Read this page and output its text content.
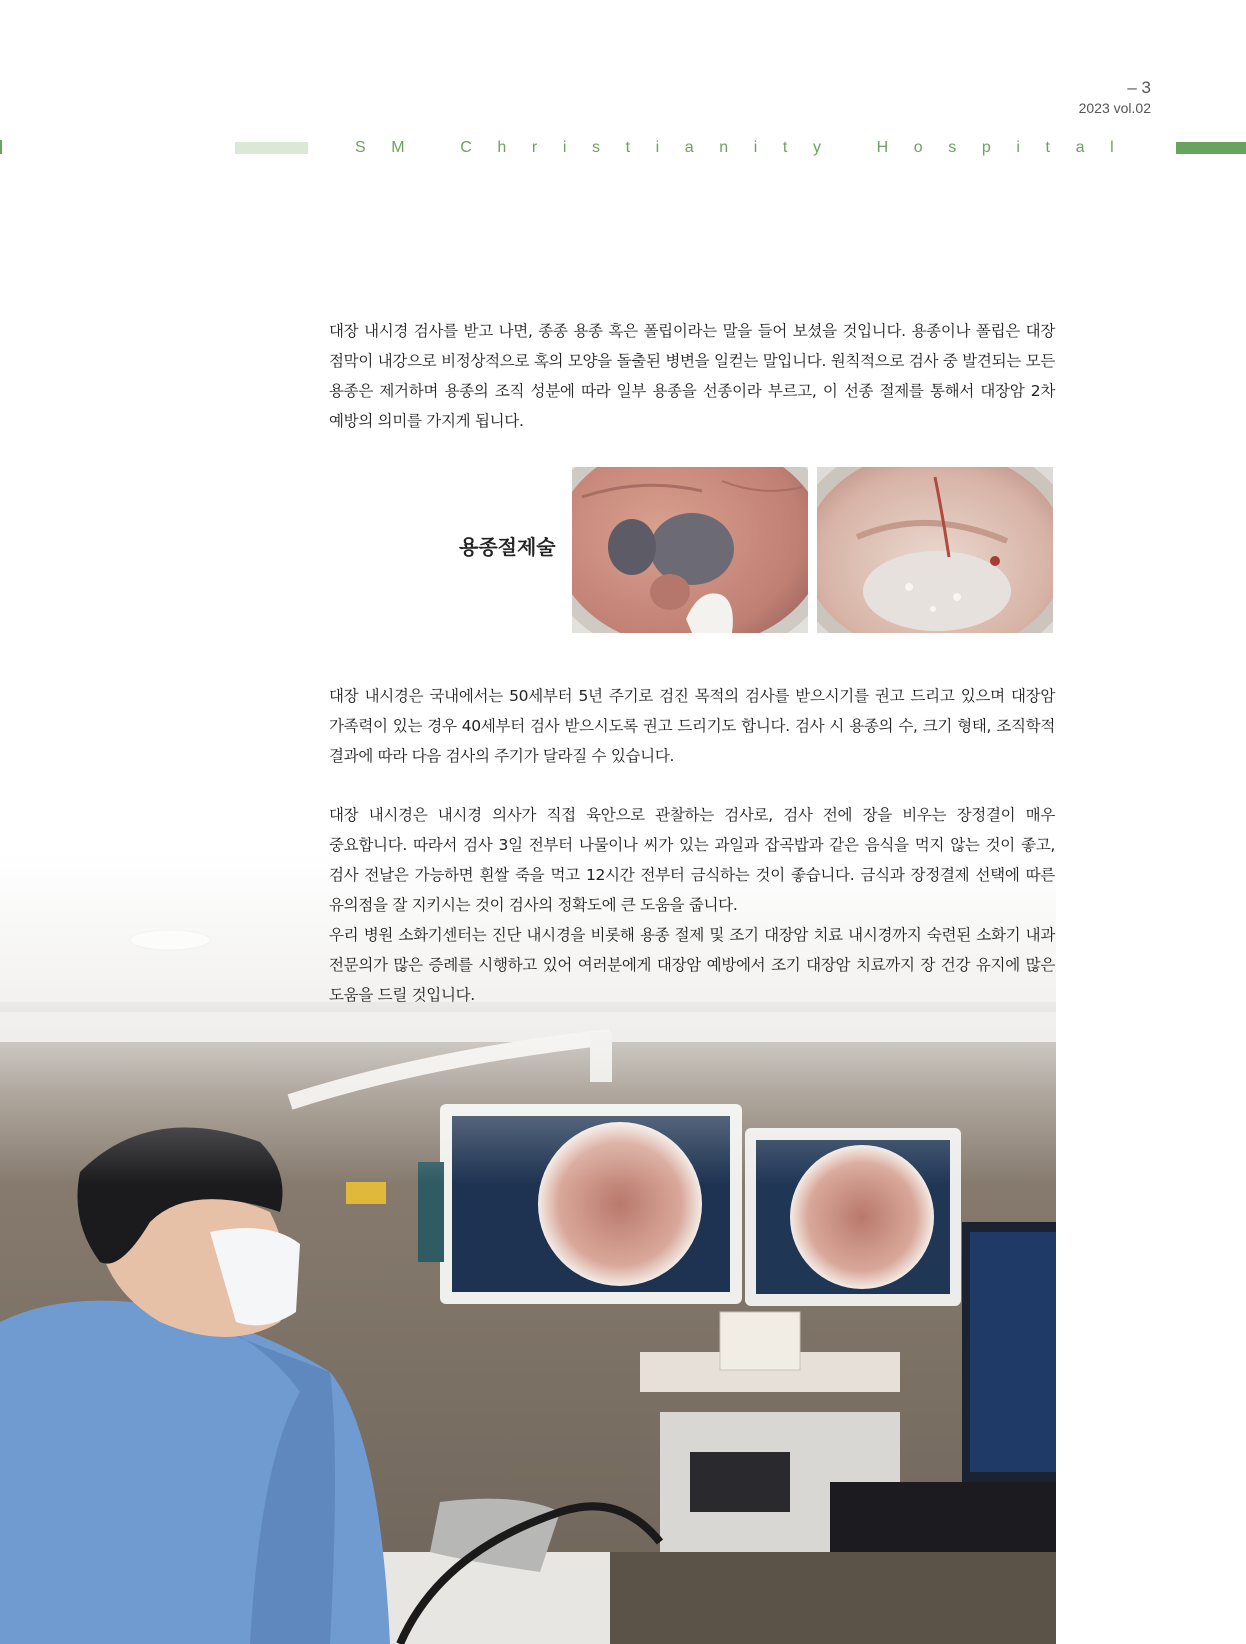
– 3
2023 vol.02
SM Christianity Hospital

대장 내시경 검사를 받고 나면, 종종 용종 혹은 폴립이라는 말을 들어 보셨을 것입니다. 용종이나 폴립은 대장 점막이 내강으로 비정상적으로 혹의 모양을 돌출된 병변을 일컫는 말입니다. 원칙적으로 검사 중 발견되는 모든 용종은 제거하며 용종의 조직 성분에 따라 일부 용종을 선종이라 부르고, 이 선종 절제를 통해서 대장암 2차 예방의 의미를 가지게 됩니다.

용종절제술

대장 내시경은 국내에서는 50세부터 5년 주기로 검진 목적의 검사를 받으시기를 권고 드리고 있으며 대장암 가족력이 있는 경우 40세부터 검사 받으시도록 권고 드리기도 합니다. 검사 시 용종의 수, 크기 형태, 조직학적 결과에 따라 다음 검사의 주기가 달라질 수 있습니다.

대장 내시경은 내시경 의사가 직접 육안으로 관찰하는 검사로, 검사 전에 장을 비우는 장정결이 매우 중요합니다. 따라서 검사 3일 전부터 나물이나 씨가 있는 과일과 잡곡밥과 같은 음식을 먹지 않는 것이 좋고, 검사 전날은 가능하면 흰쌀 죽을 먹고 12시간 전부터 금식하는 것이 좋습니다. 금식과 장정결제 선택에 따른 유의점을 잘 지키시는 것이 검사의 정확도에 큰 도움을 줍니다.

우리 병원 소화기센터는 진단 내시경을 비롯해 용종 절제 및 조기 대장암 치료 내시경까지 숙련된 소화기 내과 전문의가 많은 증례를 시행하고 있어 여러분에게 대장암 예방에서 조기 대장암 치료까지 장 건강 유지에 많은 도움을 드릴 것입니다.
